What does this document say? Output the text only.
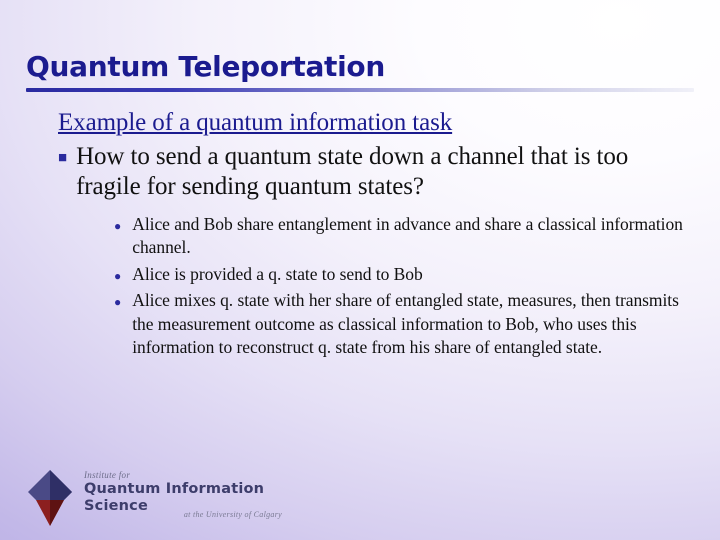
Quantum Teleportation
Example of a quantum information task
■ How to send a quantum state down a channel that is too fragile for sending quantum states?
● Alice and Bob share entanglement in advance and share a classical information channel.
● Alice is provided a q. state to send to Bob
● Alice mixes q. state with her share of entangled state, measures, then transmits the measurement outcome as classical information to Bob, who uses this information to reconstruct q. state from his share of entangled state.
Institute for
Quantum Information Science
at the University of Calgary
